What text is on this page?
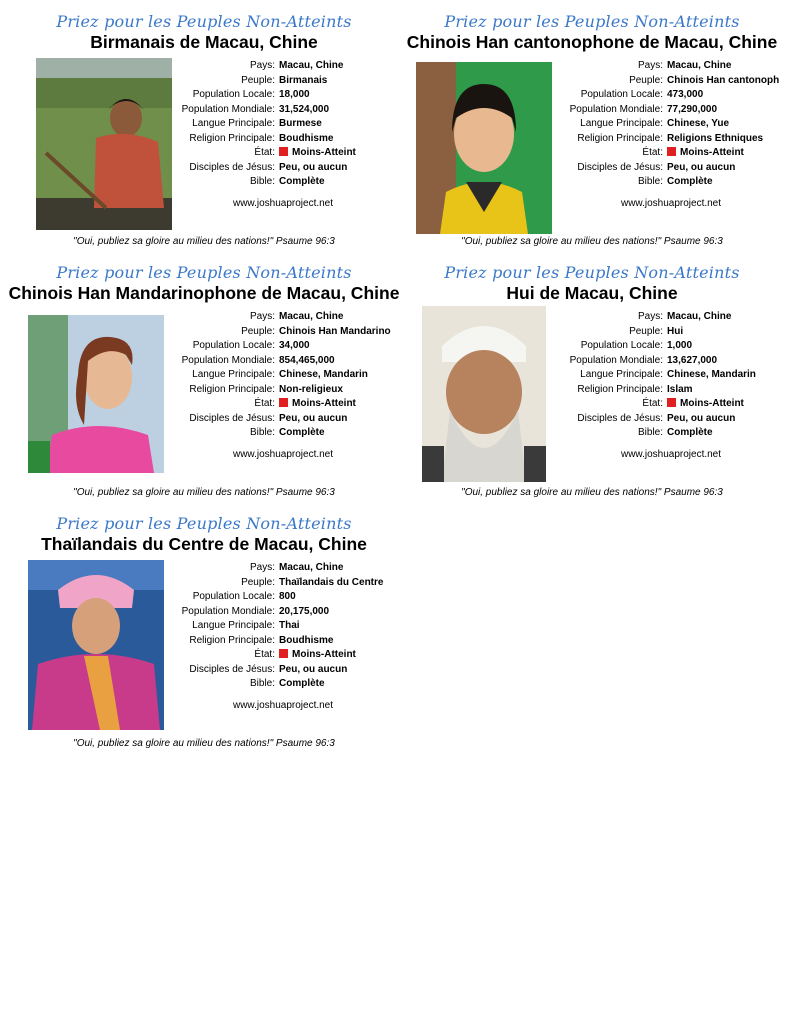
Priez pour les Peuples Non-Atteints
Birmanais de Macau, Chine
Pays: Macau, Chine
Peuple: Birmanais
Population Locale: 18,000
Population Mondiale: 31,524,000
Langue Principale: Burmese
Religion Principale: Boudhisme
État:	Moins-Atteint
Disciples de Jésus: Peu, ou aucun
Bible: Complète
www.joshuaproject.net
"Oui, publiez sa gloire au milieu des nations!" Psaume 96:3
Priez pour les Peuples Non-Atteints
Chinois Han cantonophone de Macau, Chine
Pays: Macau, Chine
Peuple: Chinois Han cantonoph
Population Locale: 473,000
Population Mondiale: 77,290,000
Langue Principale: Chinese, Yue
Religion Principale: Religions Ethniques
État:	Moins-Atteint
Disciples de Jésus: Peu, ou aucun
Bible: Complète
www.joshuaproject.net
"Oui, publiez sa gloire au milieu des nations!" Psaume 96:3
Priez pour les Peuples Non-Atteints
Chinois Han Mandarinophone de Macau, Chine
Pays: Macau, Chine
Peuple: Chinois Han Mandarino
Population Locale: 34,000
Population Mondiale: 854,465,000
Langue Principale: Chinese, Mandarin
Religion Principale: Non-religieux
État:	Moins-Atteint
Disciples de Jésus: Peu, ou aucun
Bible: Complète
www.joshuaproject.net
"Oui, publiez sa gloire au milieu des nations!" Psaume 96:3
Priez pour les Peuples Non-Atteints
Hui de Macau, Chine
Pays: Macau, Chine
Peuple: Hui
Population Locale: 1,000
Population Mondiale: 13,627,000
Langue Principale: Chinese, Mandarin
Religion Principale: Islam
État:	Moins-Atteint
Disciples de Jésus: Peu, ou aucun
Bible: Complète
www.joshuaproject.net
"Oui, publiez sa gloire au milieu des nations!" Psaume 96:3
Priez pour les Peuples Non-Atteints
Thaïlandais du Centre de Macau, Chine
Pays: Macau, Chine
Peuple: Thaïlandais du Centre
Population Locale: 800
Population Mondiale: 20,175,000
Langue Principale: Thai
Religion Principale: Boudhisme
État:	Moins-Atteint
Disciples de Jésus: Peu, ou aucun
Bible: Complète
www.joshuaproject.net
"Oui, publiez sa gloire au milieu des nations!" Psaume 96:3
